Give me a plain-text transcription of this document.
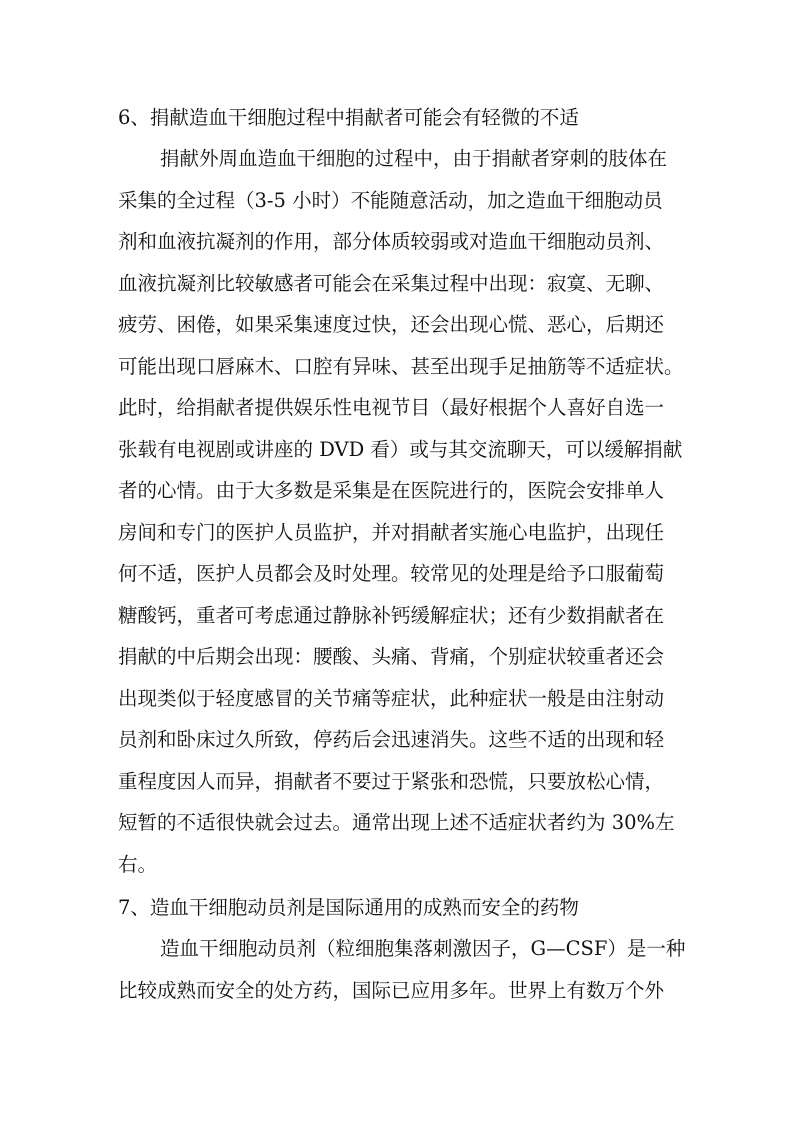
6、捐献造血干细胞过程中捐献者可能会有轻微的不适
捐献外周血造血干细胞的过程中，由于捐献者穿刺的肢体在
采集的全过程（3-5 小时）不能随意活动，加之造血干细胞动员
剂和血液抗凝剂的作用，部分体质较弱或对造血干细胞动员剂、
血液抗凝剂比较敏感者可能会在采集过程中出现：寂寞、无聊、
疲劳、困倦，如果采集速度过快，还会出现心慌、恶心，后期还
可能出现口唇麻木、口腔有异味、甚至出现手足抽筋等不适症状。
此时，给捐献者提供娱乐性电视节目（最好根据个人喜好自选一
张载有电视剧或讲座的 DVD 看）或与其交流聊天，可以缓解捐献
者的心情。由于大多数是采集是在医院进行的，医院会安排单人
房间和专门的医护人员监护，并对捐献者实施心电监护，出现任
何不适，医护人员都会及时处理。较常见的处理是给予口服葡萄
糖酸钙，重者可考虑通过静脉补钙缓解症状；还有少数捐献者在
捐献的中后期会出现：腰酸、头痛、背痛，个别症状较重者还会
出现类似于轻度感冒的关节痛等症状，此种症状一般是由注射动
员剂和卧床过久所致，停药后会迅速消失。这些不适的出现和轻
重程度因人而异，捐献者不要过于紧张和恐慌，只要放松心情，
短暂的不适很快就会过去。通常出现上述不适症状者约为 30%左
右。
7、造血干细胞动员剂是国际通用的成熟而安全的药物
造血干细胞动员剂（粒细胞集落刺激因子，G—CSF）是一种
比较成熟而安全的处方药，国际已应用多年。世界上有数万个外
